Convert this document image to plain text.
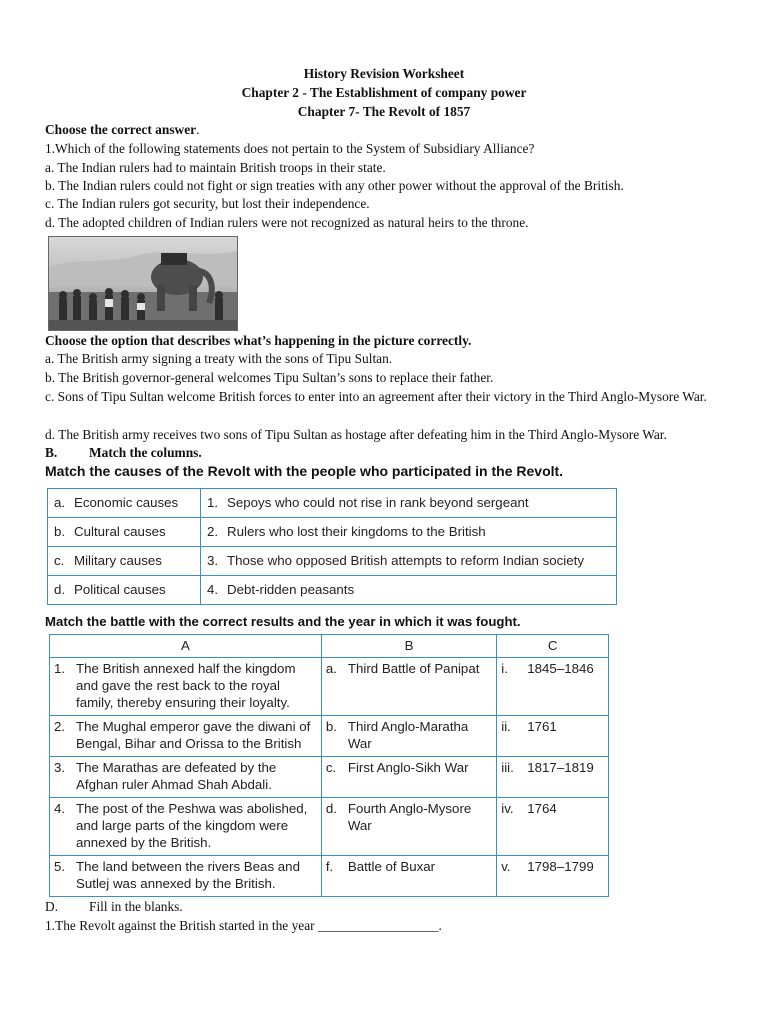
History Revision Worksheet
Chapter 2 - The Establishment of company power
Chapter 7- The Revolt of 1857
Choose the correct answer.
1.Which of the following statements does not pertain to the System of Subsidiary Alliance?
a. The Indian rulers had to maintain British troops in their state.
b. The Indian rulers could not fight or sign treaties with any other power without the approval of the British.
c. The Indian rulers got security, but lost their independence.
d. The adopted children of Indian rulers were not recognized as natural heirs to the throne.
Choose the option that describes what’s happening in the picture correctly.
a. The British army signing a treaty with the sons of Tipu Sultan.
b. The British governor-general welcomes Tipu Sultan’s sons to replace their father.
c. Sons of Tipu Sultan welcome British forces to enter into an agreement after their victory in the Third Anglo-Mysore War.
d. The British army receives two sons of Tipu Sultan as hostage after defeating him in the Third Anglo-Mysore War.
B. Match the columns.
Match the causes of the Revolt with the people who participated in the Revolt.
a. Economic causes	1. Sepoys who could not rise in rank beyond sergeant
b. Cultural causes	2. Rulers who lost their kingdoms to the British
c. Military causes	3. Those who opposed British attempts to reform Indian society
d. Political causes	4. Debt-ridden peasants
Match the battle with the correct results and the year in which it was fought.
A	B	C

1. The British annexed half the kingdom and gave the rest back to the royal family, thereby ensuring their loyalty.	a. Third Battle of Panipat	i. 1845–1846

2. The Mughal emperor gave the diwani of Bengal, Bihar and Orissa to the British	b. Third Anglo-Maratha War	ii. 1761

3. The Marathas are defeated by the Afghan ruler Ahmad Shah Abdali.	c. First Anglo-Sikh War	iii. 1817–1819

4. The post of the Peshwa was abolished, and large parts of the kingdom were annexed by the British.	d. Fourth Anglo-Mysore War	iv. 1764

5. The land between the rivers Beas and Sutlej was annexed by the British.	f. Battle of Buxar	v. 1798–1799
D. Fill in the blanks.
1.The Revolt against the British started in the year __________________.
